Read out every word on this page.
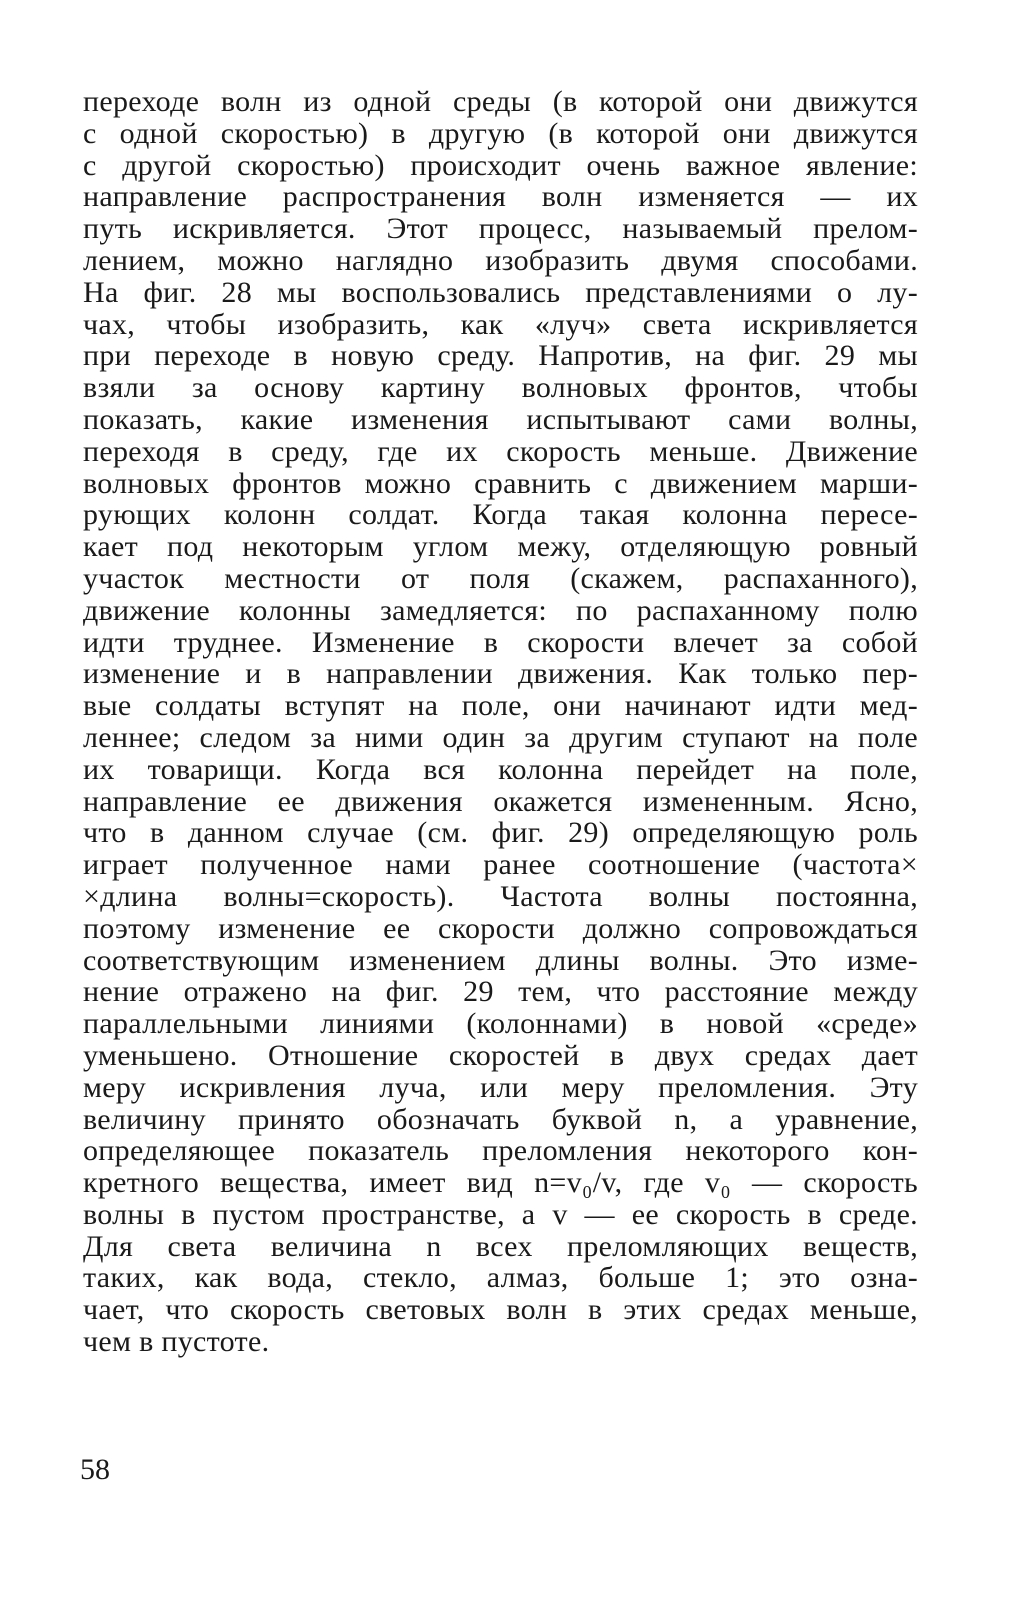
переходе волн из одной среды (в которой они движутся
с одной скоростью) в другую (в которой они движутся
с другой скоростью) происходит очень важное явление:
направление распространения волн изменяется — их
путь искривляется. Этот процесс, называемый прелом-
лением, можно наглядно изобразить двумя способами.
На фиг. 28 мы воспользовались представлениями о лу-
чах, чтобы изобразить, как «луч» света искривляется
при переходе в новую среду. Напротив, на фиг. 29 мы
взяли за основу картину волновых фронтов, чтобы
показать, какие изменения испытывают сами волны,
переходя в среду, где их скорость меньше. Движение
волновых фронтов можно сравнить с движением марши-
рующих колонн солдат. Когда такая колонна пересе-
кает под некоторым углом межу, отделяющую ровный
участок местности от поля (скажем, распаханного),
движение колонны замедляется: по распаханному полю
идти труднее. Изменение в скорости влечет за собой
изменение и в направлении движения. Как только пер-
вые солдаты вступят на поле, они начинают идти мед-
леннее; следом за ними один за другим ступают на поле
их товарищи. Когда вся колонна перейдет на поле,
направление ее движения окажется измененным. Ясно,
что в данном случае (см. фиг. 29) определяющую роль
играет полученное нами ранее соотношение (частота×
×длина волны=скорость). Частота волны постоянна,
поэтому изменение ее скорости должно сопровождаться
соответствующим изменением длины волны. Это изме-
нение отражено на фиг. 29 тем, что расстояние между
параллельными линиями (колоннами) в новой «среде»
уменьшено. Отношение скоростей в двух средах дает
меру искривления луча, или меру преломления. Эту
величину принято обозначать буквой n, а уравнение,
определяющее показатель преломления некоторого кон-
кретного вещества, имеет вид n=v₀/v, где v₀ — скорость
волны в пустом пространстве, а v — ее скорость в среде.
Для света величина n всех преломляющих веществ,
таких, как вода, стекло, алмаз, больше 1; это озна-
чает, что скорость световых волн в этих средах меньше,
чем в пустоте.
58
